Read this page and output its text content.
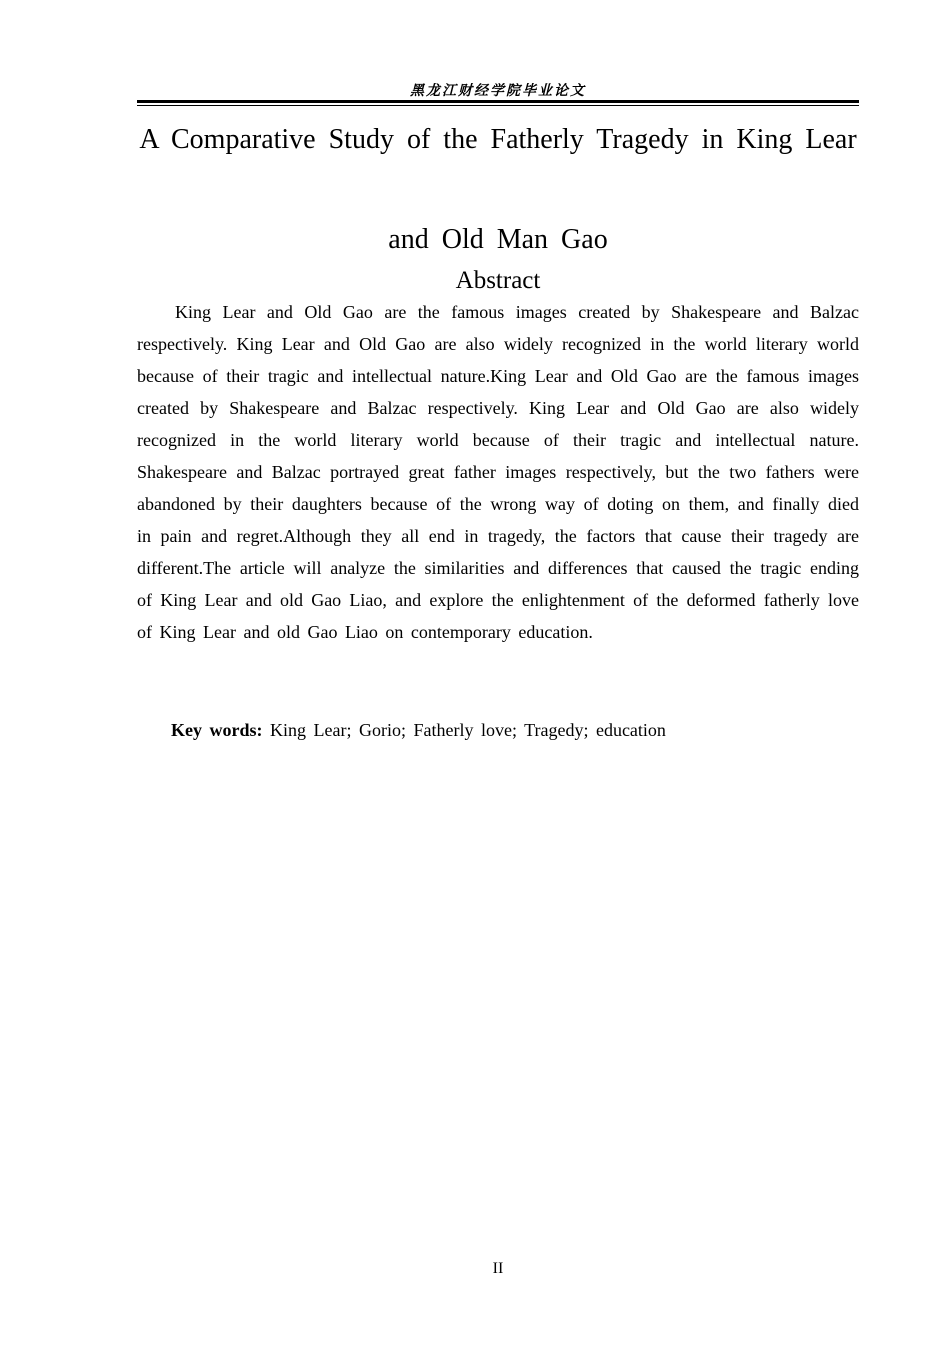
黑龙江财经学院毕业论文
A Comparative Study of the Fatherly Tragedy in King Lear
and Old Man Gao
Abstract

King Lear and Old Gao are the famous images created by Shakespeare and Balzac respectively. King Lear and Old Gao are also widely recognized in the world literary world because of their tragic and intellectual nature.King Lear and Old Gao are the famous images created by Shakespeare and Balzac respectively. King Lear and Old Gao are also widely recognized in the world literary world because of their tragic and intellectual nature. Shakespeare and Balzac portrayed great father images respectively, but the two fathers were abandoned by their daughters because of the wrong way of doting on them, and finally died in pain and regret.Although they all end in tragedy, the factors that cause their tragedy are different.The article will analyze the similarities and differences that caused the tragic ending of King Lear and old Gao Liao, and explore the enlightenment of the deformed fatherly love of King Lear and old Gao Liao on contemporary education.

Key words: King Lear; Gorio; Fatherly love; Tragedy; education
II
